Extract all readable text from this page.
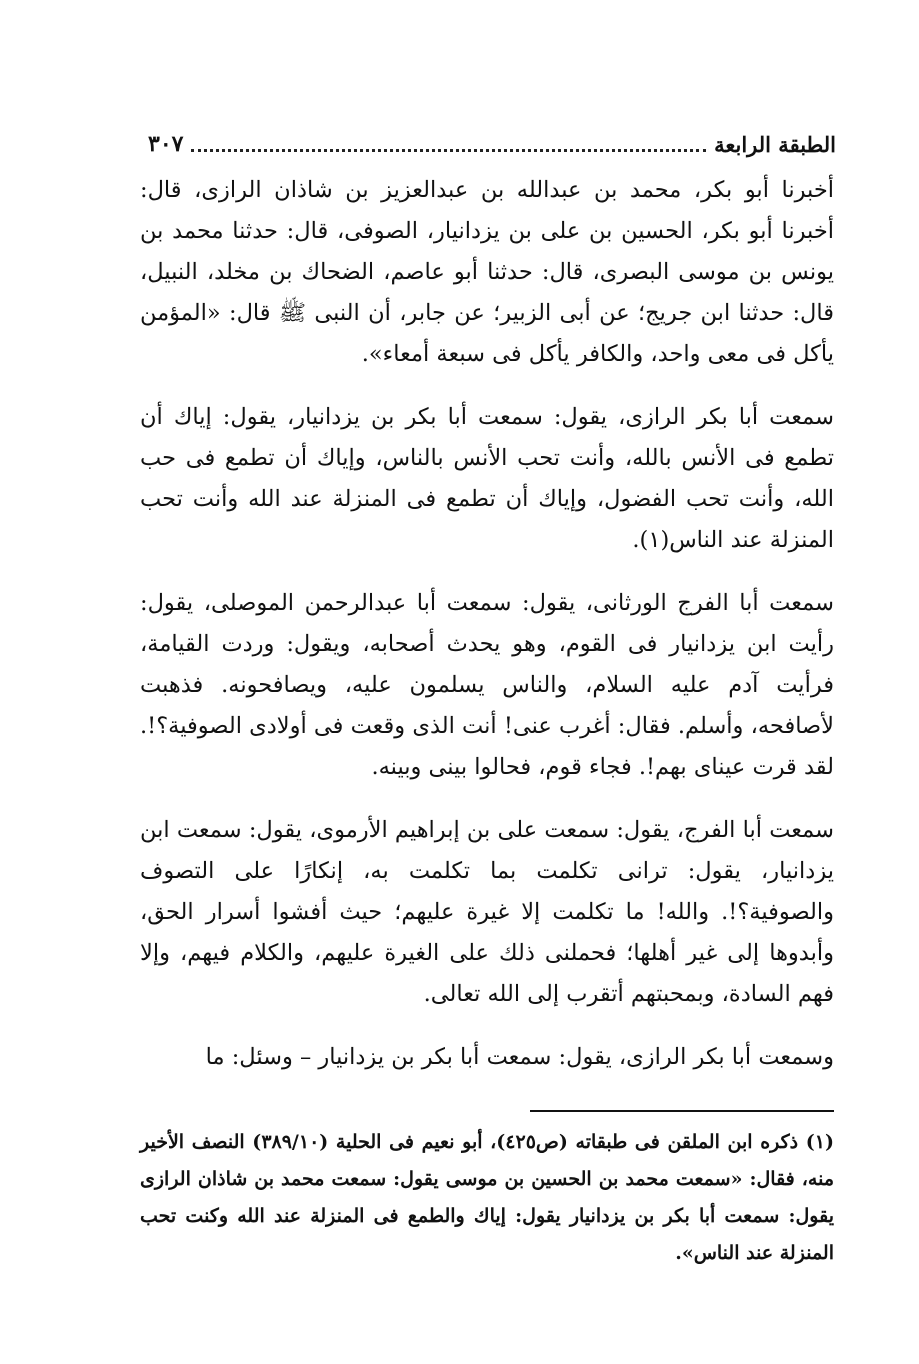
الطبقة الرابعة
٣٠٧

أخبرنا أبو بكر، محمد بن عبدالله بن عبدالعزيز بن شاذان الرازى، قال: أخبرنا أبو بكر، الحسين بن على بن يزدانيار، الصوفى، قال: حدثنا محمد بن يونس بن موسى البصرى، قال: حدثنا أبو عاصم، الضحاك بن مخلد، النبيل، قال: حدثنا ابن جريج؛ عن أبى الزبير؛ عن جابر، أن النبى ﷺ قال: «المؤمن يأكل فى معى واحد، والكافر يأكل فى سبعة أمعاء».

سمعت أبا بكر الرازى، يقول: سمعت أبا بكر بن يزدانيار، يقول: إياك أن تطمع فى الأنس بالله، وأنت تحب الأنس بالناس، وإياك أن تطمع فى حب الله، وأنت تحب الفضول، وإياك أن تطمع فى المنزلة عند الله وأنت تحب المنزلة عند الناس(١).

سمعت أبا الفرج الورثانى، يقول: سمعت أبا عبدالرحمن الموصلى، يقول: رأيت ابن يزدانيار فى القوم، وهو يحدث أصحابه، ويقول: وردت القيامة، فرأيت آدم عليه السلام، والناس يسلمون عليه، ويصافحونه. فذهبت لأصافحه، وأسلم. فقال: أغرب عنى! أنت الذى وقعت فى أولادى الصوفية؟!. لقد قرت عيناى بهم!. فجاء قوم، فحالوا بينى وبينه.

سمعت أبا الفرج، يقول: سمعت على بن إبراهيم الأرموى، يقول: سمعت ابن يزدانيار، يقول: ترانى تكلمت بما تكلمت به، إنكارًا على التصوف والصوفية؟!. والله! ما تكلمت إلا غيرة عليهم؛ حيث أفشوا أسرار الحق، وأبدوها إلى غير أهلها؛ فحملنى ذلك على الغيرة عليهم، والكلام فيهم، وإلا فهم السادة، وبمحبتهم أتقرب إلى الله تعالى.

وسمعت أبا بكر الرازى، يقول: سمعت أبا بكر بن يزدانيار – وسئل: ما

(١) ذكره ابن الملقن فى طبقاته (ص٤٢٥)، أبو نعيم فى الحلية (٣٨٩/١٠) النصف الأخير منه، فقال: «سمعت محمد بن الحسين بن موسى يقول: سمعت محمد بن شاذان الرازى يقول: سمعت أبا بكر بن يزدانيار يقول: إياك والطمع فى المنزلة عند الله وكنت تحب المنزلة عند الناس».
